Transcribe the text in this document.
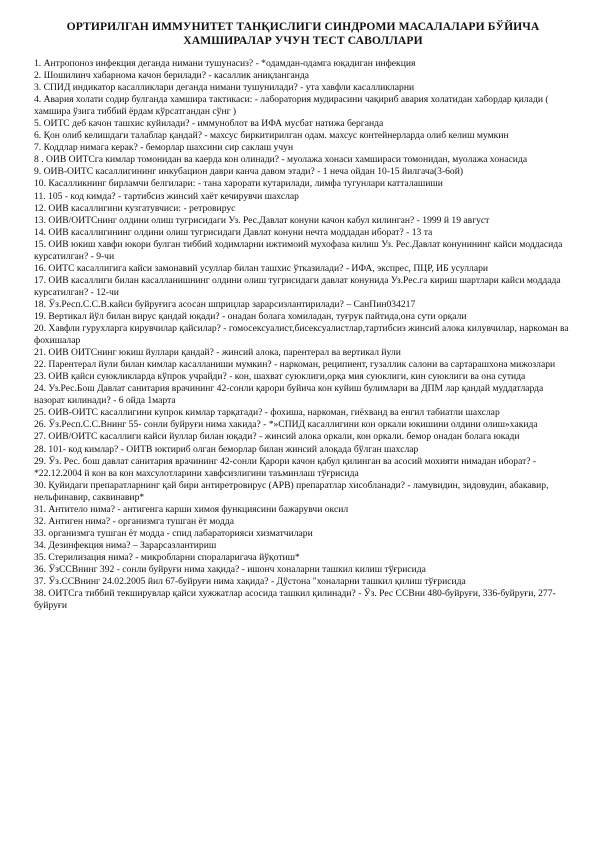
ОРТИРИЛГАН ИММУНИТЕТ ТАНҚИСЛИГИ СИНДРОМИ МАСАЛАЛАРИ БЎЙИЧА
ХАМШИРАЛАР УЧУН ТЕСТ САВОЛЛАРИ

1. Антропоноз инфекция деганда нимани тушунасиз? - *одамдан-одамга юқадиган инфекция

2. Шошилинч хабарнома качон берилади? - касаллик аниқланганда

3. СПИД индикатор касалликлари деганда нимани тушунилади? - ута хавфли касалликларни

4. Авария холати содир булганда хамшира тактикаси: - лаборатория мудирасини чақириб авария холатидан хабордар қилади ( хамшира ўзига тиббий ёрдам кўрсатгандан сўнг )

5. ОИТС деб качон ташхис куйилади? - иммуноблот ва ИФА мусбат натижа берганда

6. Қон олиб келишдаги талаблар қандай? - махсус биркитирилган одам. махсус контейнерларда олиб келиш мумкин

7. Коддлар нимага керак? - беморлар шахсини сир саклаш учун

8 . ОИВ ОИТСга кимлар томонидан ва каерда кон олинади? - муолажа хонаси хамшираси томонидан, муолажа хонасида

9. ОИВ-ОИТС касаллигининг инкубацион даври канча давом этади? - 1 неча ойдан 10-15 йилгача(3-6ой)

10. Касалликнинг бирламчи белгилари: - тана харорати кутарилади, лимфа тугунлари катталашиши

11. 105 - код кимда? - тартибсиз жинсий хаёт кечирувчи шахслар

12. ОИВ касаллигини кузгатувчиси: - ретровирус

13. ОИВ/ОИТСнинг олдини олиш тугрисидаги Уз. Рес.Давлат конуни качон кабул килинган? - 1999 й 19 август

14. ОИВ касаллигининг олдини олиш тугрисидаги Давлат конуни нечта моддадан иборат? - 13 та

15. ОИВ юкиш хавфи юкори булган тиббий ходимларни ижтимоий мухофаза килиш Уз. Рес.Давлат конунининг кайси моддасида курсатилган? - 9-чи

16. ОИТС касаллигига кайси замонавий усуллар билан ташхис ўтказилади? - ИФА, экспрес, ПЦР, ИБ усуллари

17. ОИВ касаллиги билан касалланишнинг олдини олиш тугрисидаги давлат конунида Уз.Рес.га кириш шартлари кайси моддада курсатилган? - 12-чи

18. Ўз.Респ.С.С.В.кайси буйруғига асосан шприцлар зарарсизлантирилади? – СанПин034217

19. Вертикал йўл билан вирус қандай юқади? - онадан болага хомиладан, туғрук пайтида,она сути орқали

20. Хавфли гурухларга кирувчилар қайсилар? - гомосексуалист,бисексуалистлар,тартибсиз жинсий алока килувчилар, наркоман ва фохишалар

21. ОИВ ОИТСнинг юкиш йуллари қандай? - жинсий алока, парентерал ва вертикал йули

22. Парентерал йули билан кимлар касалланиши мумкин? - наркоман, реципиент, гузаллик салони ва сартарашхона мижозлари

23. ОИВ қайси суюкликларда кўпрок учрайди? - кон, шахват суюклиги,орқа мия суюклиги, кин суюклиги ва она сутида

24. Уз.Рес.Бош Давлат санитария врачининг 42-сонли қарори буйича кон куйиш булимлари ва ДПМ лар қандай муддатларда назорат килинади? - 6 ойда 1марта

25. ОИВ-ОИТС касаллигини купрок кимлар тарқатади? - фохиша, наркоман, гиёхванд ва енгил табиатли шахслар

26. Ўз.Респ.С.С.Внинг 55- сонли буйруғи нима хакида? - *»СПИД касаллигини кон оркали юкишини олдини олиш»хакида

27. ОИВ/ОИТС касаллиги кайси йуллар билан юқади? - жинсий алока оркали, кон оркали. бемор онадан болага юкади

28. 101- код кимлар? - ОИТВ юктириб олган беморлар билан жинсий алоқада бўлган шахслар

29. Ўз. Рес. бош давлат санитария врачининг 42-сонли Қарори качон қабул қилинган ва асосий мохияти нимадан иборат? - *22.12.2004 й кон ва кон махсулотларини хавфсизлигини таъминлаш тўғрисида

30. Қуйидаги препаратларнинг қай бири антиретровирус (АРВ) препаратлар хисобланади? - ламувидин, зидовудин, абакавир, нельфинавир, саквинавир*

31. Антитело нима? - антигенга карши химоя функциясини бажарувчи оксил

32. Антиген нима? - организмга тушган ёт модда

33. организмга тушган ёт модда - спид лабараторияси хизматчилари

34. Дезинфекция нима? – Зарарсазлантириш

35. Стерилизация нима? - микробларни спораларигача йўқотиш*

36. ЎзССВнинг 392 - сонли буйруғи нима хақида? - ишонч хоналарни ташкил килиш тўғрисида

37. Ўз.ССВнинг 24.02.2005 йил 67-буйруғи нима хақида? - Дўстона "хоналарни ташкил қилиш тўғрисида

38. ОИТСга тиббий текширувлар қайси хужжатлар асосида ташкил қилинади? - Ўз. Рес ССВни 480-буйруғи, 336-буйруғи, 277-буйруғи
